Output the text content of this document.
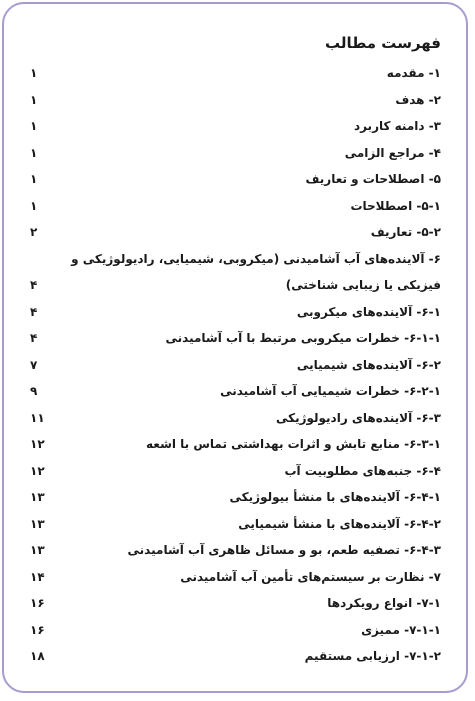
فهرست مطالب
۱- مقدمه
۱
۲- هدف
۱
۳- دامنه کاربرد
۱
۴- مراجع الزامی
۱
۵- اصطلاحات و تعاریف
۱
۵-۱- اصطلاحات
۱
۵-۲- تعاریف
۲
۶- آلاینده‌های آب آشامیدنی (میکروبی، شیمیایی، رادیولوژیکی و
فیزیکی یا زیبایی شناختی)
۴
۶-۱- آلاینده‌های میکروبی
۴
۶-۱-۱- خطرات میکروبی مرتبط با آب آشامیدنی
۴
۶-۲- آلاینده‌های شیمیایی
۷
۶-۲-۱- خطرات شیمیایی آب آشامیدنی
۹
۶-۳- آلاینده‌های رادیولوژیکی
۱۱
۶-۳-۱- منابع تابش و اثرات بهداشتی تماس با اشعه
۱۲
۶-۴- جنبه‌های مطلوبیت آب
۱۲
۶-۴-۱- آلاینده‌های با منشأ بیولوژیکی
۱۳
۶-۴-۲- آلاینده‌های با منشأ شیمیایی
۱۳
۶-۴-۳- تصفیه طعم، بو و مسائل ظاهری آب آشامیدنی
۱۳
۷- نظارت بر سیستم‌های تأمین آب آشامیدنی
۱۴
۷-۱- انواع رویکردها
۱۶
۷-۱-۱- ممیزی
۱۶
۷-۱-۲- ارزیابی مستقیم
۱۸
